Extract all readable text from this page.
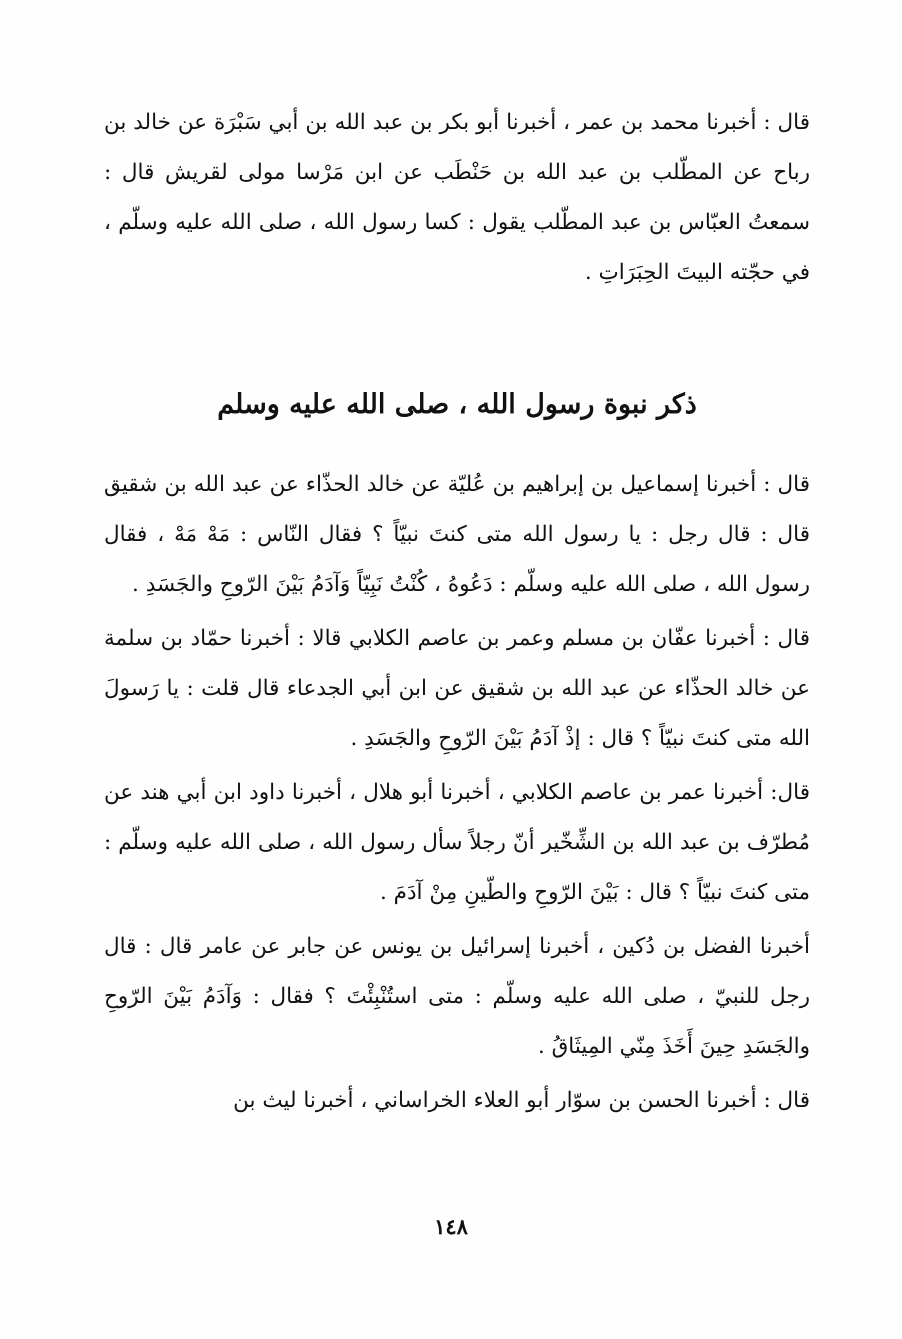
قال : أخبرنا محمد بن عمر ، أخبرنا أبو بكر بن عبد الله بن أبي سَبْرَة عن خالد بن رباح عن المطّلب بن عبد الله بن حَنْطَب عن ابن مَرْسا مولى لقريش قال : سمعتُ العبّاس بن عبد المطّلب يقول : كسا رسول الله ، صلى الله عليه وسلّم ، في حجّته البيتَ الحِبَرَاتِ .

ذكر نبوة رسول الله ، صلى الله عليه وسلم

قال : أخبرنا إسماعيل بن إبراهيم بن عُليّة عن خالد الحذّاء عن عبد الله بن شقيق قال : قال رجل : يا رسول الله متى كنتَ نبيّاً ؟ فقال النّاس : مَهْ مَهْ ، فقال رسول الله ، صلى الله عليه وسلّم : دَعُوهُ ، كُنْتُ نَبِيّاً وَآدَمُ بَيْنَ الرّوحِ والجَسَدِ .

قال : أخبرنا عفّان بن مسلم وعمر بن عاصم الكلابي قالا : أخبرنا حمّاد بن سلمة عن خالد الحذّاء عن عبد الله بن شقيق عن ابن أبي الجدعاء قال قلت : يا رَسولَ الله متى كنتَ نبيّاً ؟ قال : إذْ آدَمُ بَيْنَ الرّوحِ والجَسَدِ .

قال: أخبرنا عمر بن عاصم الكلابي ، أخبرنا أبو هلال ، أخبرنا داود ابن أبي هند عن مُطرّف بن عبد الله بن الشِّخّير أنّ رجلاً سأل رسول الله ، صلى الله عليه وسلّم : متى كنتَ نبيّاً ؟ قال : بَيْنَ الرّوحِ والطّينِ مِنْ آدَمَ .

أخبرنا الفضل بن دُكين ، أخبرنا إسرائيل بن يونس عن جابر عن عامر قال : قال رجل للنبيّ ، صلى الله عليه وسلّم : متى استُنْبِئْتَ ؟ فقال : وَآدَمُ بَيْنَ الرّوحِ والجَسَدِ حِينَ أَخَذَ مِنّي المِيثَاقُ .

قال : أخبرنا الحسن بن سوّار أبو العلاء الخراساني ، أخبرنا ليث بن

١٤٨
